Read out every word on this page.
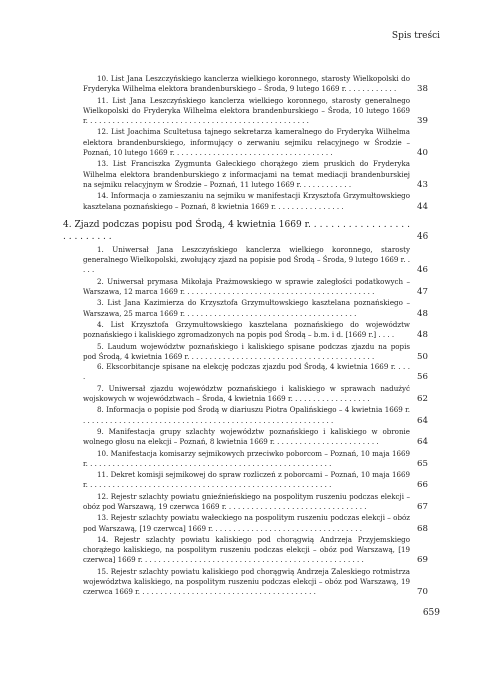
Spis treści
10. List Jana Leszczyńskiego kanclerza wielkiego koronnego, starosty Wielkopolski do Fryderyka Wilhelma elektora brandenburskiego – Środa, 9 lutego 1669 r. . . . . . . . . . . . 38
11. List Jana Leszczyńskiego kanclerza wielkiego koronnego, starosty generalnego Wielkopolski do Fryderyka Wilhelma elektora brandenburskiego – Środa, 10 lutego 1669 r. . . . . . . . . . . . . . . . . . . . . . . . . . . . . . . . . . . . . . . . . . . . . . . . . .	39
12. List Joachima Scultetusa tajnego sekretarza kameralnego do Fryderyka Wilhelma elektora brandenburskiego, informujący o zerwaniu sejmiku relacyjnego w Środzie – Poznań, 10 lutego 1669 r. . . . . . . . . . . . . . . . . . . . . . . . . . . . . . . . . . . .	40
13. List Franciszka Zygmunta Gałeckiego chorążego ziem pruskich do Fryderyka Wilhelma elektora brandenburskiego z informacjami na temat mediacji brandenburskiej na sejmiku relacyjnym w Środzie – Poznań, 11 lutego 1669 r. . . . . . . . . . . .	43
14. Informacja o zamieszaniu na sejmiku w manifestacji Krzysztofa Grzymułtowskiego kasztelana poznańskiego – Poznań, 8 kwietnia 1669 r. . . . . . . . . . . . . . . .	44
4. Zjazd podczas popisu pod Środą, 4 kwietnia 1669 r. . . . . . . . . . . . . . . . . . . . . . . . . . .	46
1. Uniwersał Jana Leszczyńskiego kanclerza wielkiego koronnego, starosty generalnego Wielkopolski, zwołujący zjazd na popisie pod Środą – Środa, 9 lutego 1669 r. . . . .	46
2. Uniwersał prymasa Mikołaja Prażmowskiego w sprawie zaległości podatkowych – Warszawa, 12 marca 1669 r. . . . . . . . . . . . . . . . . . . . . . . . . . . . . . . . . . . . . . . . . . .	47
3. List Jana Kazimierza do Krzysztofa Grzymułtowskiego kasztelana poznańskiego – Warszawa, 25 marca 1669 r. . . . . . . . . . . . . . . . . . . . . . . . . . . . . . . . . . . . . . .	48
4. List Krzysztofa Grzymułtowskiego kasztelana poznańskiego do województw poznańskiego i kaliskiego zgromadzonych na popis pod Środą – b.m. i d. [1669 r.] . . . .	48
5. Laudum województw poznańskiego i kaliskiego spisane podczas zjazdu na popis pod Środą, 4 kwietnia 1669 r. . . . . . . . . . . . . . . . . . . . . . . . . . . . . . . . . . . . . . . . . .	50
6. Ekscorbitancje spisane na elekcję podczas zjazdu pod Środą, 4 kwietnia 1669 r. . . . .	56
7. Uniwersał zjazdu województw poznańskiego i kaliskiego w sprawach nadużyć wojskowych w województwach – Środa, 4 kwietnia 1669 r. . . . . . . . . . . . . . . . . .	62
8. Informacja o popisie pod Środą w diariuszu Piotra Opalińskiego – 4 kwietnia 1669 r. . . . . . . . . . . . . . . . . . . . . . . . . . . . . . . . . . . . . . . . . . . . . . . . . . . . . . . . .	64
9. Manifestacja grupy szlachty województw poznańskiego i kaliskiego w obronie wolnego głosu na elekcji – Poznań, 8 kwietnia 1669 r. . . . . . . . . . . . . . . . . . . . . . . .	64
10. Manifestacja komisarzy sejmikowych przeciwko poborcom – Poznań, 10 maja 1669 r. . . . . . . . . . . . . . . . . . . . . . . . . . . . . . . . . . . . . . . . . . . . . . . . . . . . . . .	65
11. Dekret komisji sejmikowej do spraw rozliczeń z poborcami – Poznań, 10 maja 1669 r. . . . . . . . . . . . . . . . . . . . . . . . . . . . . . . . . . . . . . . . . . . . . . . . . . . . . . .	66
12. Rejestr szlachty powiatu gnieźnieńskiego na pospolitym ruszeniu podczas elekcji – obóz pod Warszawą, 19 czerwca 1669 r. . . . . . . . . . . . . . . . . . . . . . . . . . . . . . . .	67
13. Rejestr szlachty powiatu wałeckiego na pospolitym ruszeniu podczas elekcji – obóz pod Warszawą, [19 czerwca] 1669 r. . . . . . . . . . . . . . . . . . . . . . . . . . . . . . . . . .	68
14. Rejestr szlachty powiatu kaliskiego pod chorągwią Andrzeja Przyjemskiego chorążego kaliskiego, na pospolitym ruszeniu podczas elekcji – obóz pod Warszawą, [19 czerwca] 1669 r. . . . . . . . . . . . . . . . . . . . . . . . . . . . . . . . . . . . . . . . . . . . . . . . . .	69
15. Rejestr szlachty powiatu kaliskiego pod chorągwią Andrzeja Zaleskiego rotmistrza województwa kaliskiego, na pospolitym ruszeniu podczas elekcji – obóz pod Warszawą, 19 czerwca 1669 r. . . . . . . . . . . . . . . . . . . . . . . . . . . . . . . . . . . . . . . .	70
659
